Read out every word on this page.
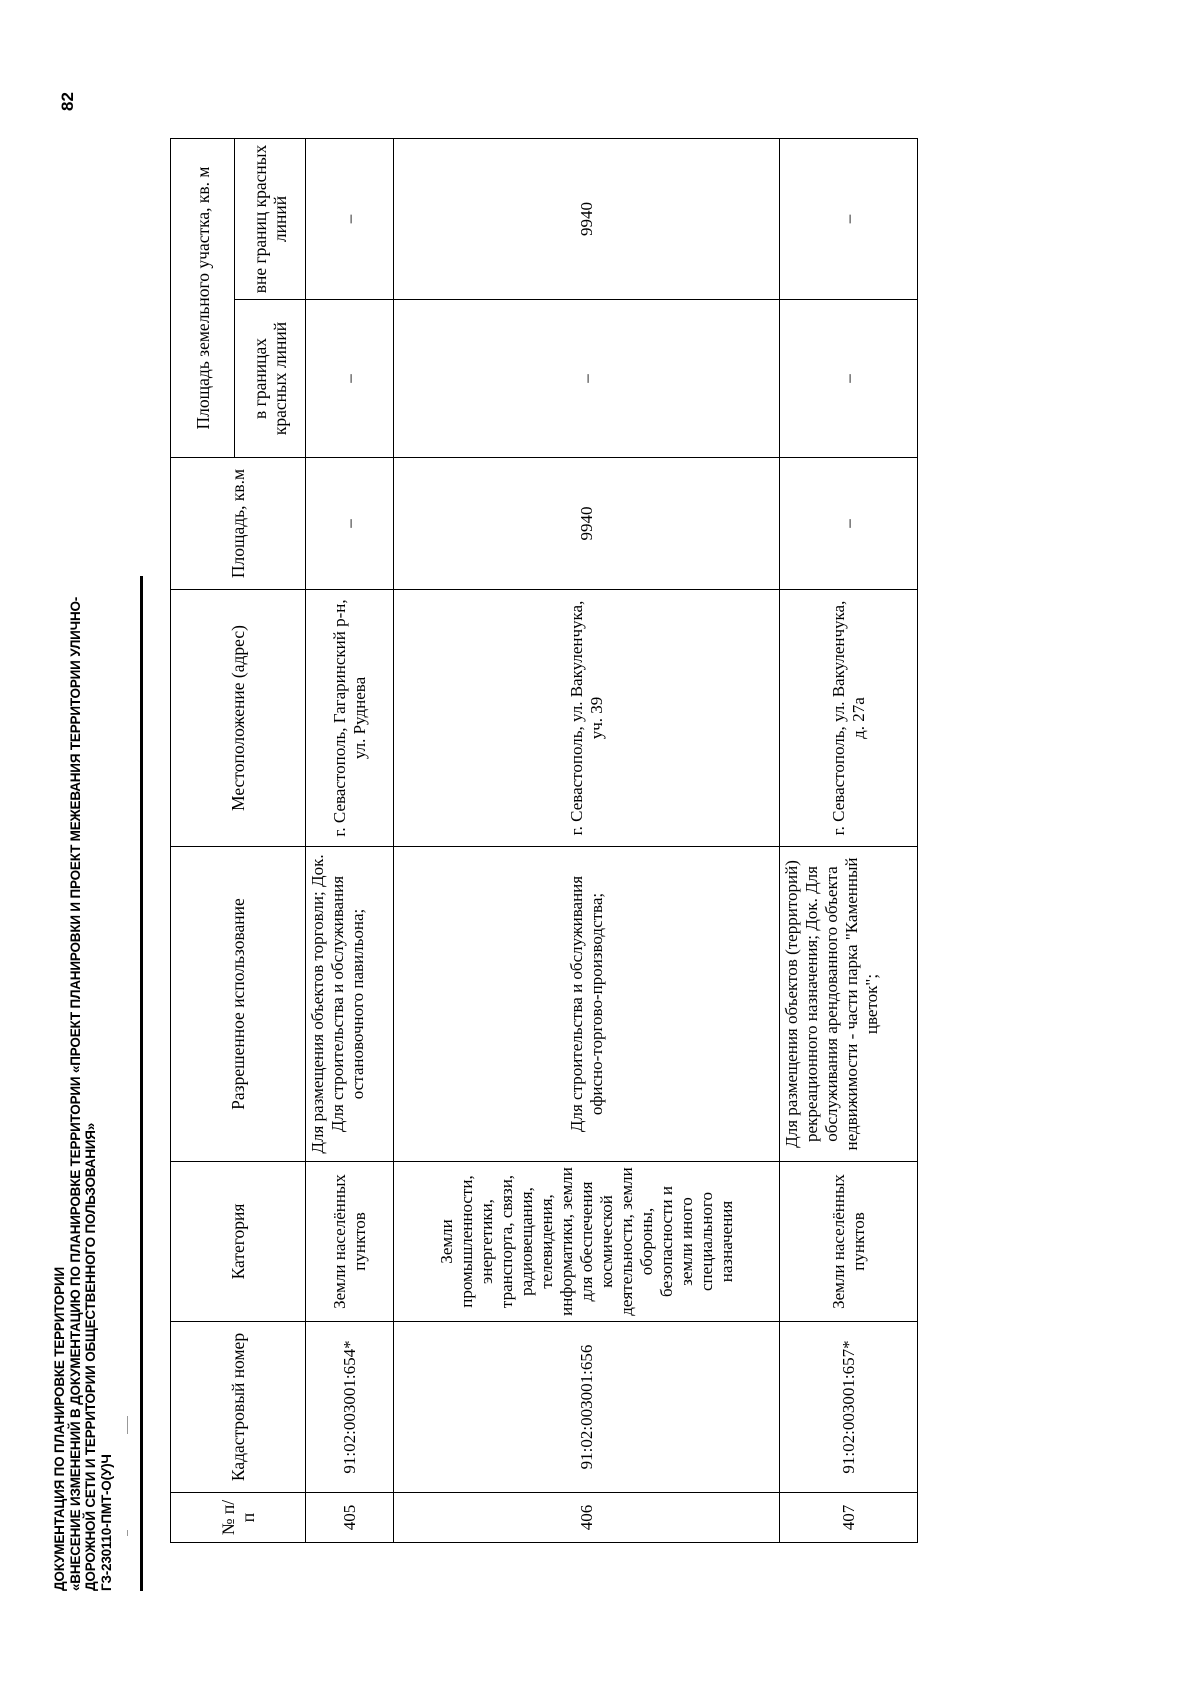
ДОКУМЕНТАЦИЯ ПО ПЛАНИРОВКЕ ТЕРРИТОРИИ «ВНЕСЕНИЕ ИЗМЕНЕНИЙ В ДОКУМЕНТАЦИЮ ПО ПЛАНИРОВКЕ ТЕРРИТОРИИ «ПРОЕКТ ПЛАНИРОВКИ И ПРОЕКТ МЕЖЕВАНИЯ ТЕРРИТОРИИ УЛИЧНО- ДОРОЖНОЙ СЕТИ И ТЕРРИТОРИИ ОБЩЕСТВЕННОГО ПОЛЬЗОВАНИЯ» ГЗ-230110-ПМТ-О(У)Ч
82
№ п/п	Кадастровый номер	Категория	Разрешенное использование	Местоположение (адрес)	Площадь, кв.м	Площадь земельного участка, кв. м	
						в границах красных линий	вне границ красных линий
405	91:02:003001:654*	Земли населённых пунктов	Для размещения объектов торговли; Док. Для строительства и обслуживания остановочного павильона;	г. Севастополь, Гагаринский р-н, ул. Руднева	–	–	–
406	91:02:003001:656	Земли промышленности, энергетики, транспорта, связи, радиовещания, телевидения, информатики, земли для обеспечения космической деятельности, земли обороны, безопасности и земли иного специального назначения	Для строительства и обслуживания офисно-торгово-производства;	г. Севастополь, ул. Вакуленчука, уч. 39	9940	–	9940
407	91:02:003001:657*	Земли населённых пунктов	Для размещения объектов (территорий) рекреационного назначения; Док. Для обслуживания арендованного объекта недвижимости - части парка "Каменный цветок";	г. Севастополь, ул. Вакуленчука, д. 27а	–	–	–
